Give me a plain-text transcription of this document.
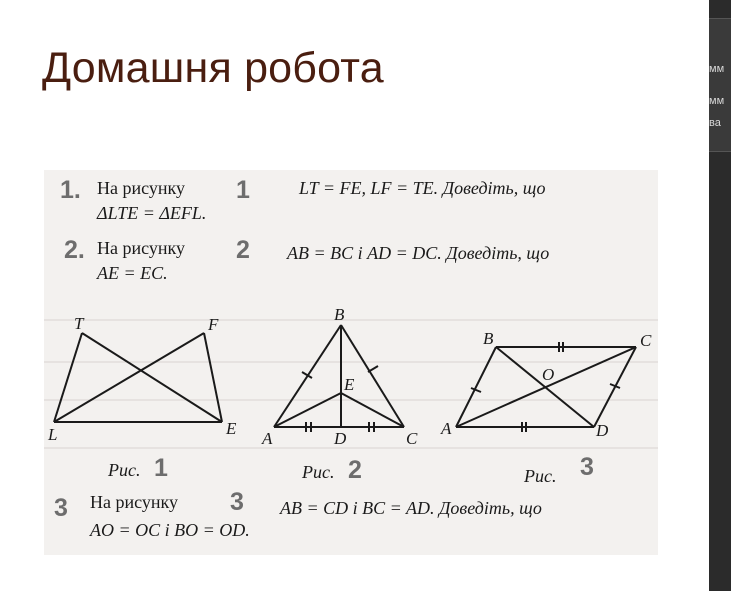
Домашня робота
1. На рисунку 1	LT = FE, LF = TE. Доведіть, що
ΔLTE = ΔEFL.
2. На рисунку 2 AB = BC і AD = DC. Доведіть, що
AE = EC.
T	F
L	E
B
E
A	D	C
B	C
O
A	D
Рис. 1	Рис. 2	Рис. 3
3 На рисунку 3 AB = CD і BC = AD. Доведіть, що
AO = OC і BO = OD.
мм
мм
ва
